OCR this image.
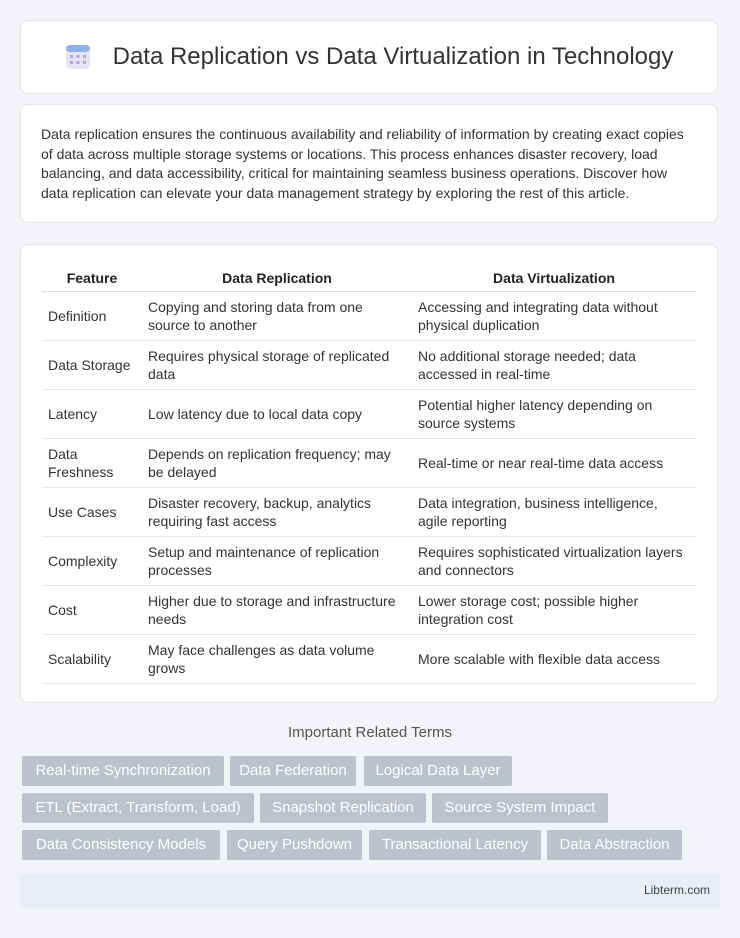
Data Replication vs Data Virtualization in Technology

Data replication ensures the continuous availability and reliability of information by creating exact copies of data across multiple storage systems or locations. This process enhances disaster recovery, load balancing, and data accessibility, critical for maintaining seamless business operations. Discover how data replication can elevate your data management strategy by exploring the rest of this article.

Feature	Data Replication	Data Virtualization
Definition	Copying and storing data from one source to another	Accessing and integrating data without physical duplication
Data Storage	Requires physical storage of replicated data	No additional storage needed; data accessed in real-time
Latency	Low latency due to local data copy	Potential higher latency depending on source systems
Data Freshness	Depends on replication frequency; may be delayed	Real-time or near real-time data access
Use Cases	Disaster recovery, backup, analytics requiring fast access	Data integration, business intelligence, agile reporting
Complexity	Setup and maintenance of replication processes	Requires sophisticated virtualization layers and connectors
Cost	Higher due to storage and infrastructure needs	Lower storage cost; possible higher integration cost
Scalability	May face challenges as data volume grows	More scalable with flexible data access
Important Related Terms
Real-time Synchronization	Data Federation	Logical Data Layer
ETL (Extract, Transform, Load)	Snapshot Replication	Source System Impact
Data Consistency Models	Query Pushdown	Transactional Latency	Data Abstraction
Libterm.com
